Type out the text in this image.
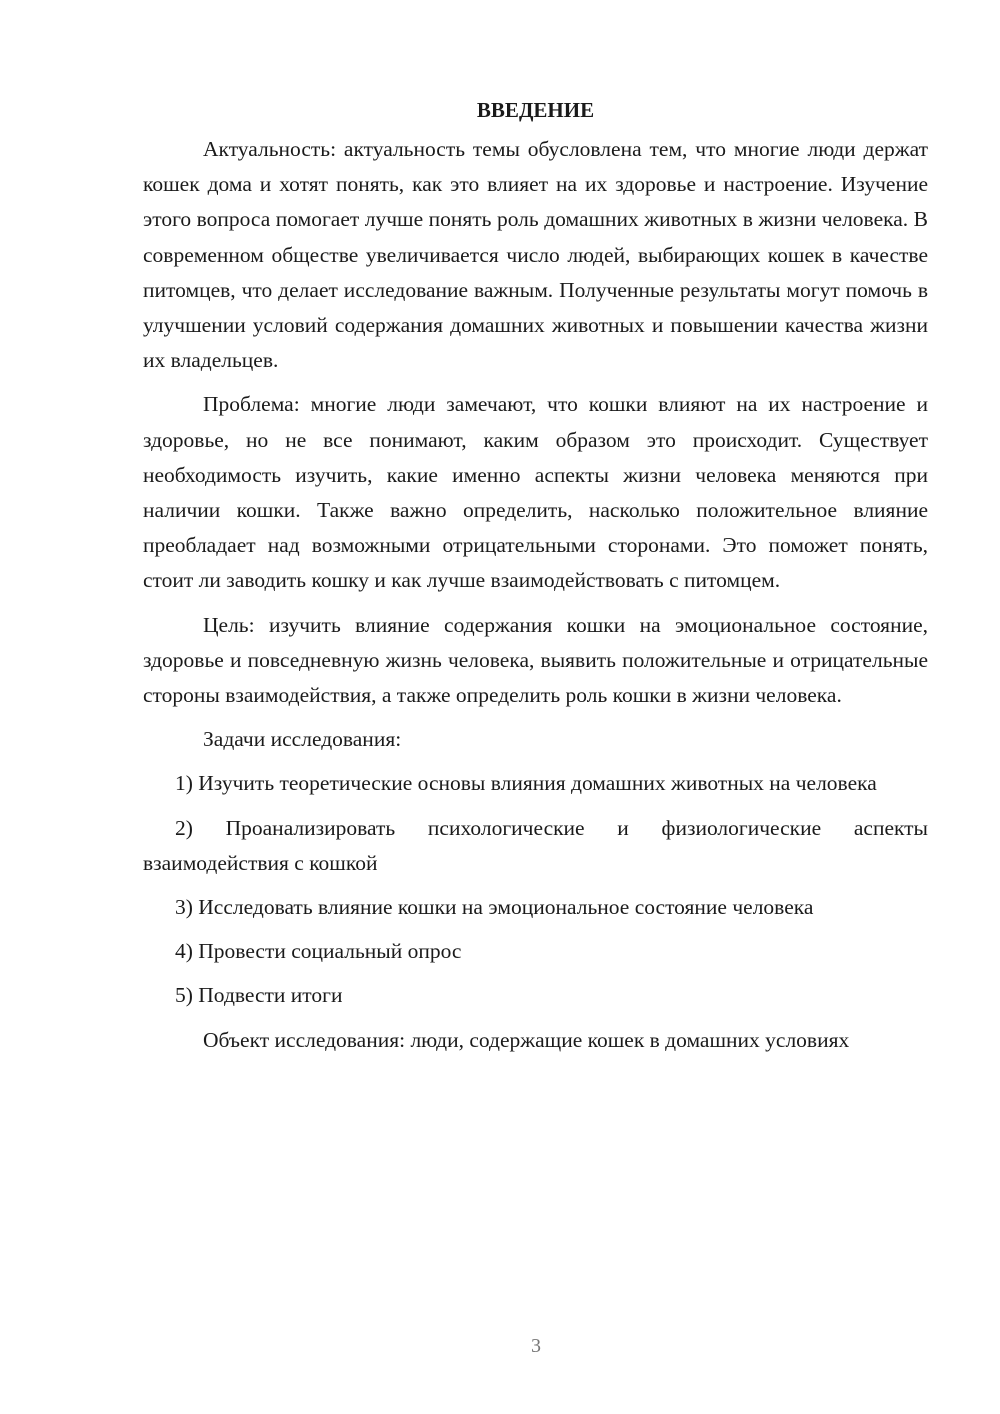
ВВЕДЕНИЕ

Актуальность: актуальность темы обусловлена тем, что многие люди держат кошек дома и хотят понять, как это влияет на их здоровье и настроение. Изучение этого вопроса помогает лучше понять роль домашних животных в жизни человека. В современном обществе увеличивается число людей, выбирающих кошек в качестве питомцев, что делает исследование важным. Полученные результаты могут помочь в улучшении условий содержания домашних животных и повышении качества жизни их владельцев.

Проблема: многие люди замечают, что кошки влияют на их настроение и здоровье, но не все понимают, каким образом это происходит. Существует необходимость изучить, какие именно аспекты жизни человека меняются при наличии кошки. Также важно определить, насколько положительное влияние преобладает над возможными отрицательными сторонами. Это поможет понять, стоит ли заводить кошку и как лучше взаимодействовать с питомцем.

Цель: изучить влияние содержания кошки на эмоциональное состояние, здоровье и повседневную жизнь человека, выявить положительные и отрицательные стороны взаимодействия, а также определить роль кошки в жизни человека.

Задачи исследования:

1) Изучить теоретические основы влияния домашних животных на человека

2) Проанализировать психологические и физиологические аспекты взаимодействия с кошкой

3) Исследовать влияние кошки на эмоциональное состояние человека

4) Провести социальный опрос

5) Подвести итоги

Объект исследования: люди, содержащие кошек в домашних условиях

3
